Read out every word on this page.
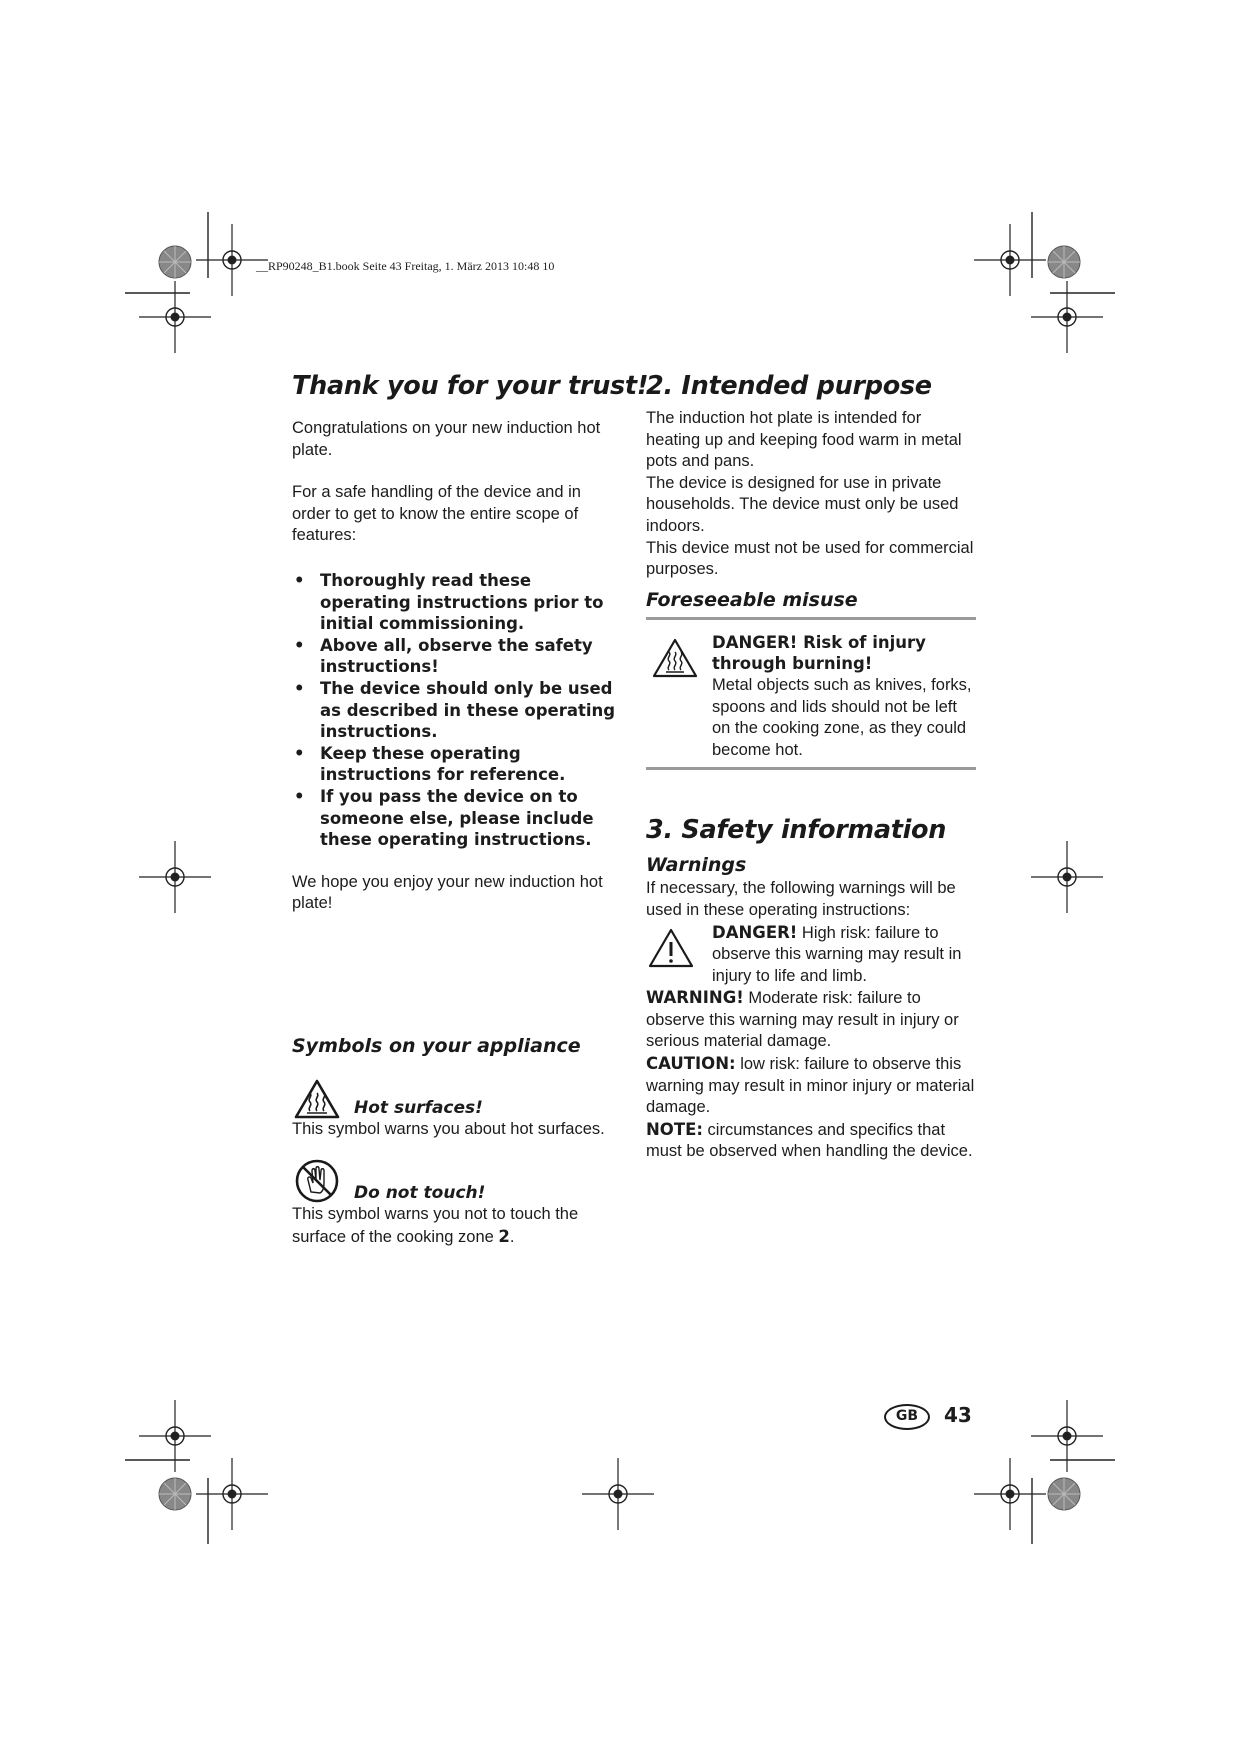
__RP90248_B1.book Seite 43 Freitag, 1. März 2013 10:48 10
Thank you for your trust!

Congratulations on your new induction hot plate.

For a safe handling of the device and in order to get to know the entire scope of features:

• Thoroughly read these operating instructions prior to initial commissioning.
• Above all, observe the safety instructions!
• The device should only be used as described in these operating instructions.
• Keep these operating instructions for reference.
• If you pass the device on to someone else, please include these operating instructions.

We hope you enjoy your new induction hot plate!

Symbols on your appliance
Hot surfaces!

This symbol warns you about hot surfaces.

Do not touch!

This symbol warns you not to touch the surface of the cooking zone 2.

2. Intended purpose

The induction hot plate is intended for heating up and keeping food warm in metal pots and pans.

The device is designed for use in private households. The device must only be used indoors.

This device must not be used for commercial purposes.

Foreseeable misuse

DANGER! Risk of injury through burning!

Metal objects such as knives, forks, spoons and lids should not be left on the cooking zone, as they could become hot.

3. Safety information
Warnings

If necessary, the following warnings will be used in these operating instructions:

DANGER! High risk: failure to observe this warning may result in injury to life and limb.

WARNING! Moderate risk: failure to observe this warning may result in injury or serious material damage.

CAUTION: low risk: failure to observe this warning may result in minor injury or material damage.

NOTE: circumstances and specifics that must be observed when handling the device.

GB	43
